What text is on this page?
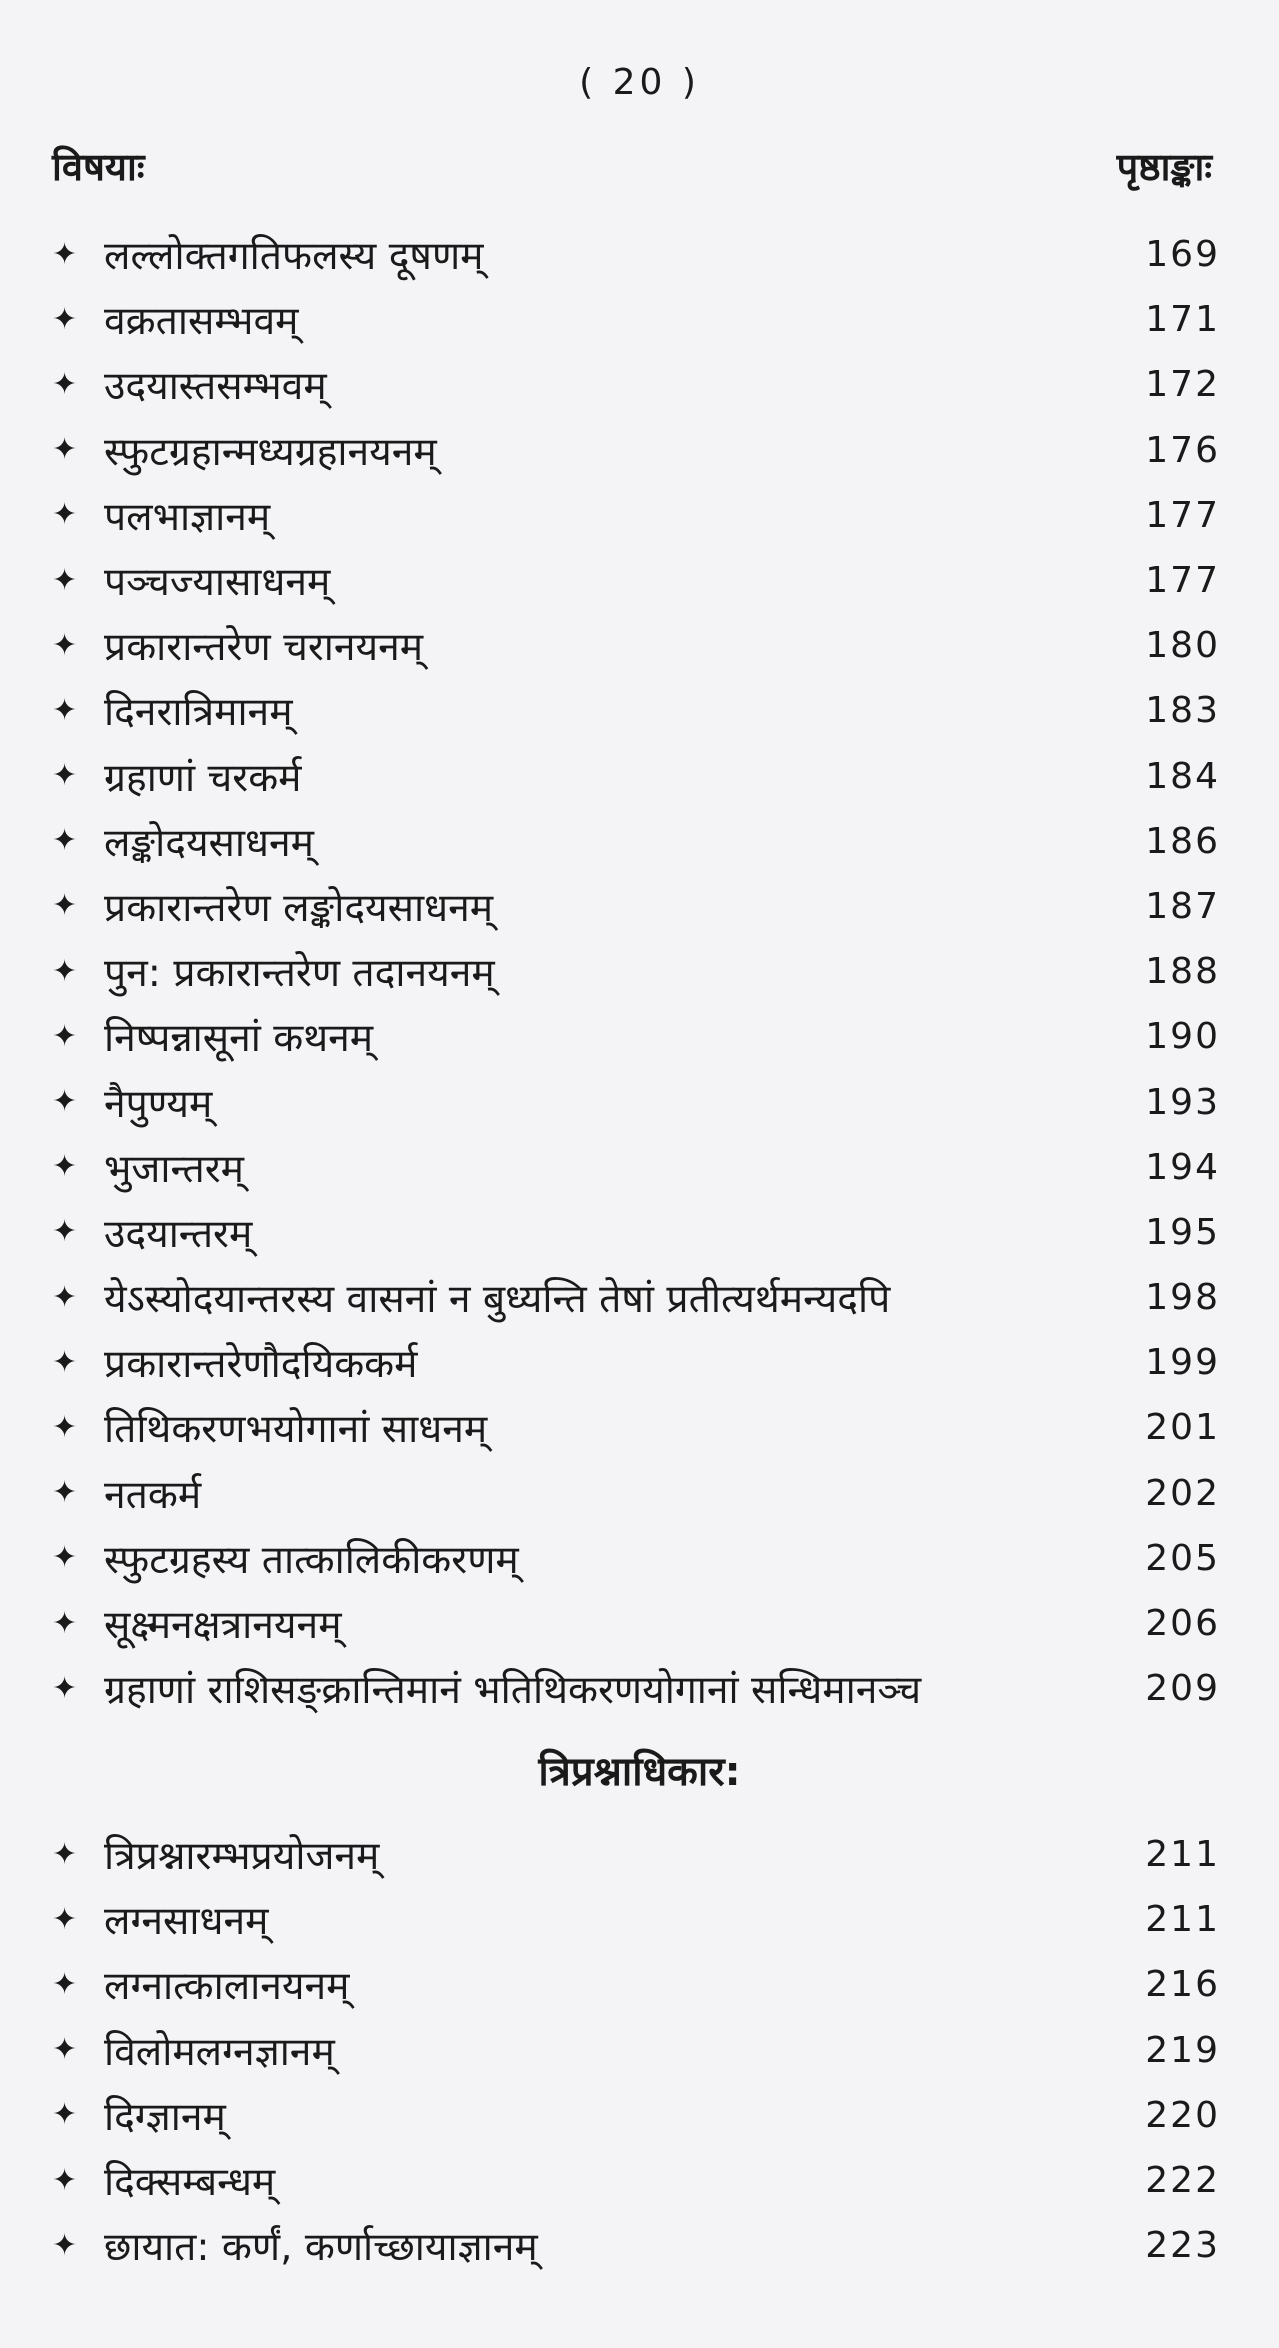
( 20 )
विषयाः	पृष्ठाङ्काः
✦ लल्लोक्तगतिफलस्य दूषणम्	169
✦ वक्रतासम्भवम्	171
✦ उदयास्तसम्भवम्	172
✦ स्फुटग्रहान्मध्यग्रहानयनम्	176
✦ पलभाज्ञानम्	177
✦ पञ्चज्यासाधनम्	177
✦ प्रकारान्तरेण चरानयनम्	180
✦ दिनरात्रिमानम्	183
✦ ग्रहाणां चरकर्म	184
✦ लङ्कोदयसाधनम्	186
✦ प्रकारान्तरेण लङ्कोदयसाधनम्	187
✦ पुन: प्रकारान्तरेण तदानयनम्	188
✦ निष्पन्नासूनां कथनम्	190
✦ नैपुण्यम्	193
✦ भुजान्तरम्	194
✦ उदयान्तरम्	195
✦ येऽस्योदयान्तरस्य वासनां न बुध्यन्ति तेषां प्रतीत्यर्थमन्यदपि	198
✦ प्रकारान्तरेणौदयिककर्म	199
✦ तिथिकरणभयोगानां साधनम्	201
✦ नतकर्म	202
✦ स्फुटग्रहस्य तात्कालिकीकरणम्	205
✦ सूक्ष्मनक्षत्रानयनम्	206
✦ ग्रहाणां राशिसङ्क्रान्तिमानं भतिथिकरणयोगानां सन्धिमानञ्च	209
त्रिप्रश्नाधिकार:
✦ त्रिप्रश्नारम्भप्रयोजनम्	211
✦ लग्नसाधनम्	211
✦ लग्नात्कालानयनम्	216
✦ विलोमलग्नज्ञानम्	219
✦ दिग्ज्ञानम्	220
✦ दिक्सम्बन्धम्	222
✦ छायात: कर्णं, कर्णाच्छायाज्ञानम्	223
